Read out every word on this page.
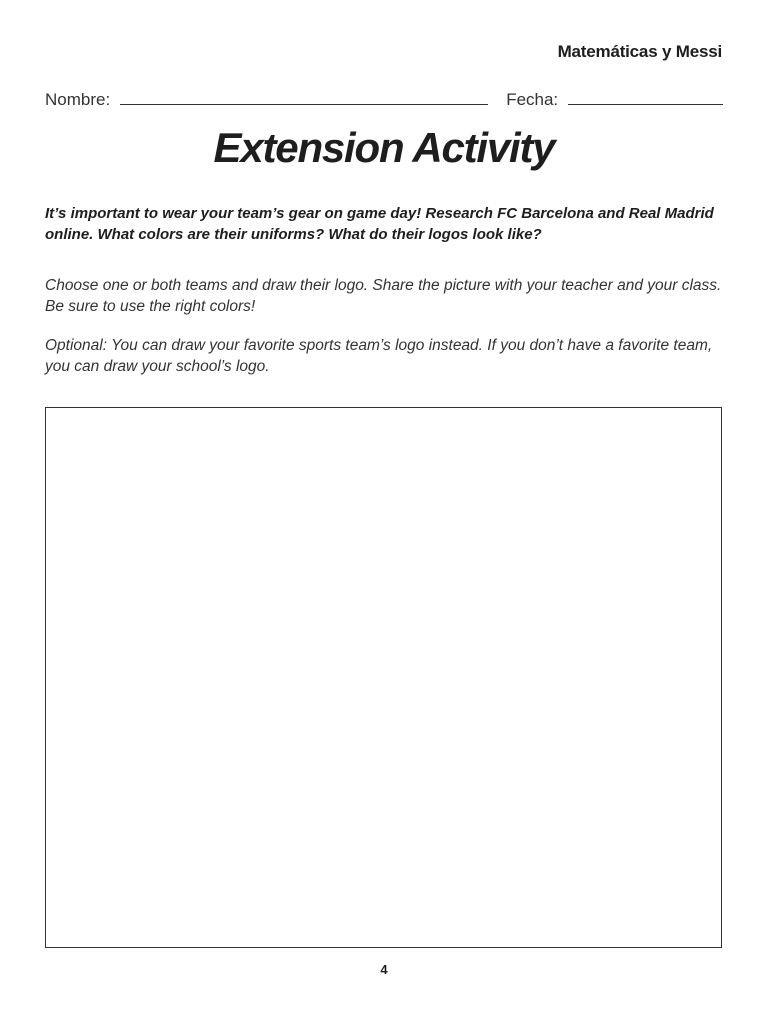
Matemáticas y Messi
Nombre:	Fecha:
Extension Activity

It’s important to wear your team’s gear on game day! Research FC Barcelona and Real Madrid online. What colors are their uniforms? What do their logos look like?

Choose one or both teams and draw their logo. Share the picture with your teacher and your class. Be sure to use the right colors!

Optional: You can draw your favorite sports team’s logo instead. If you don’t have a favorite team, you can draw your school’s logo.

4
